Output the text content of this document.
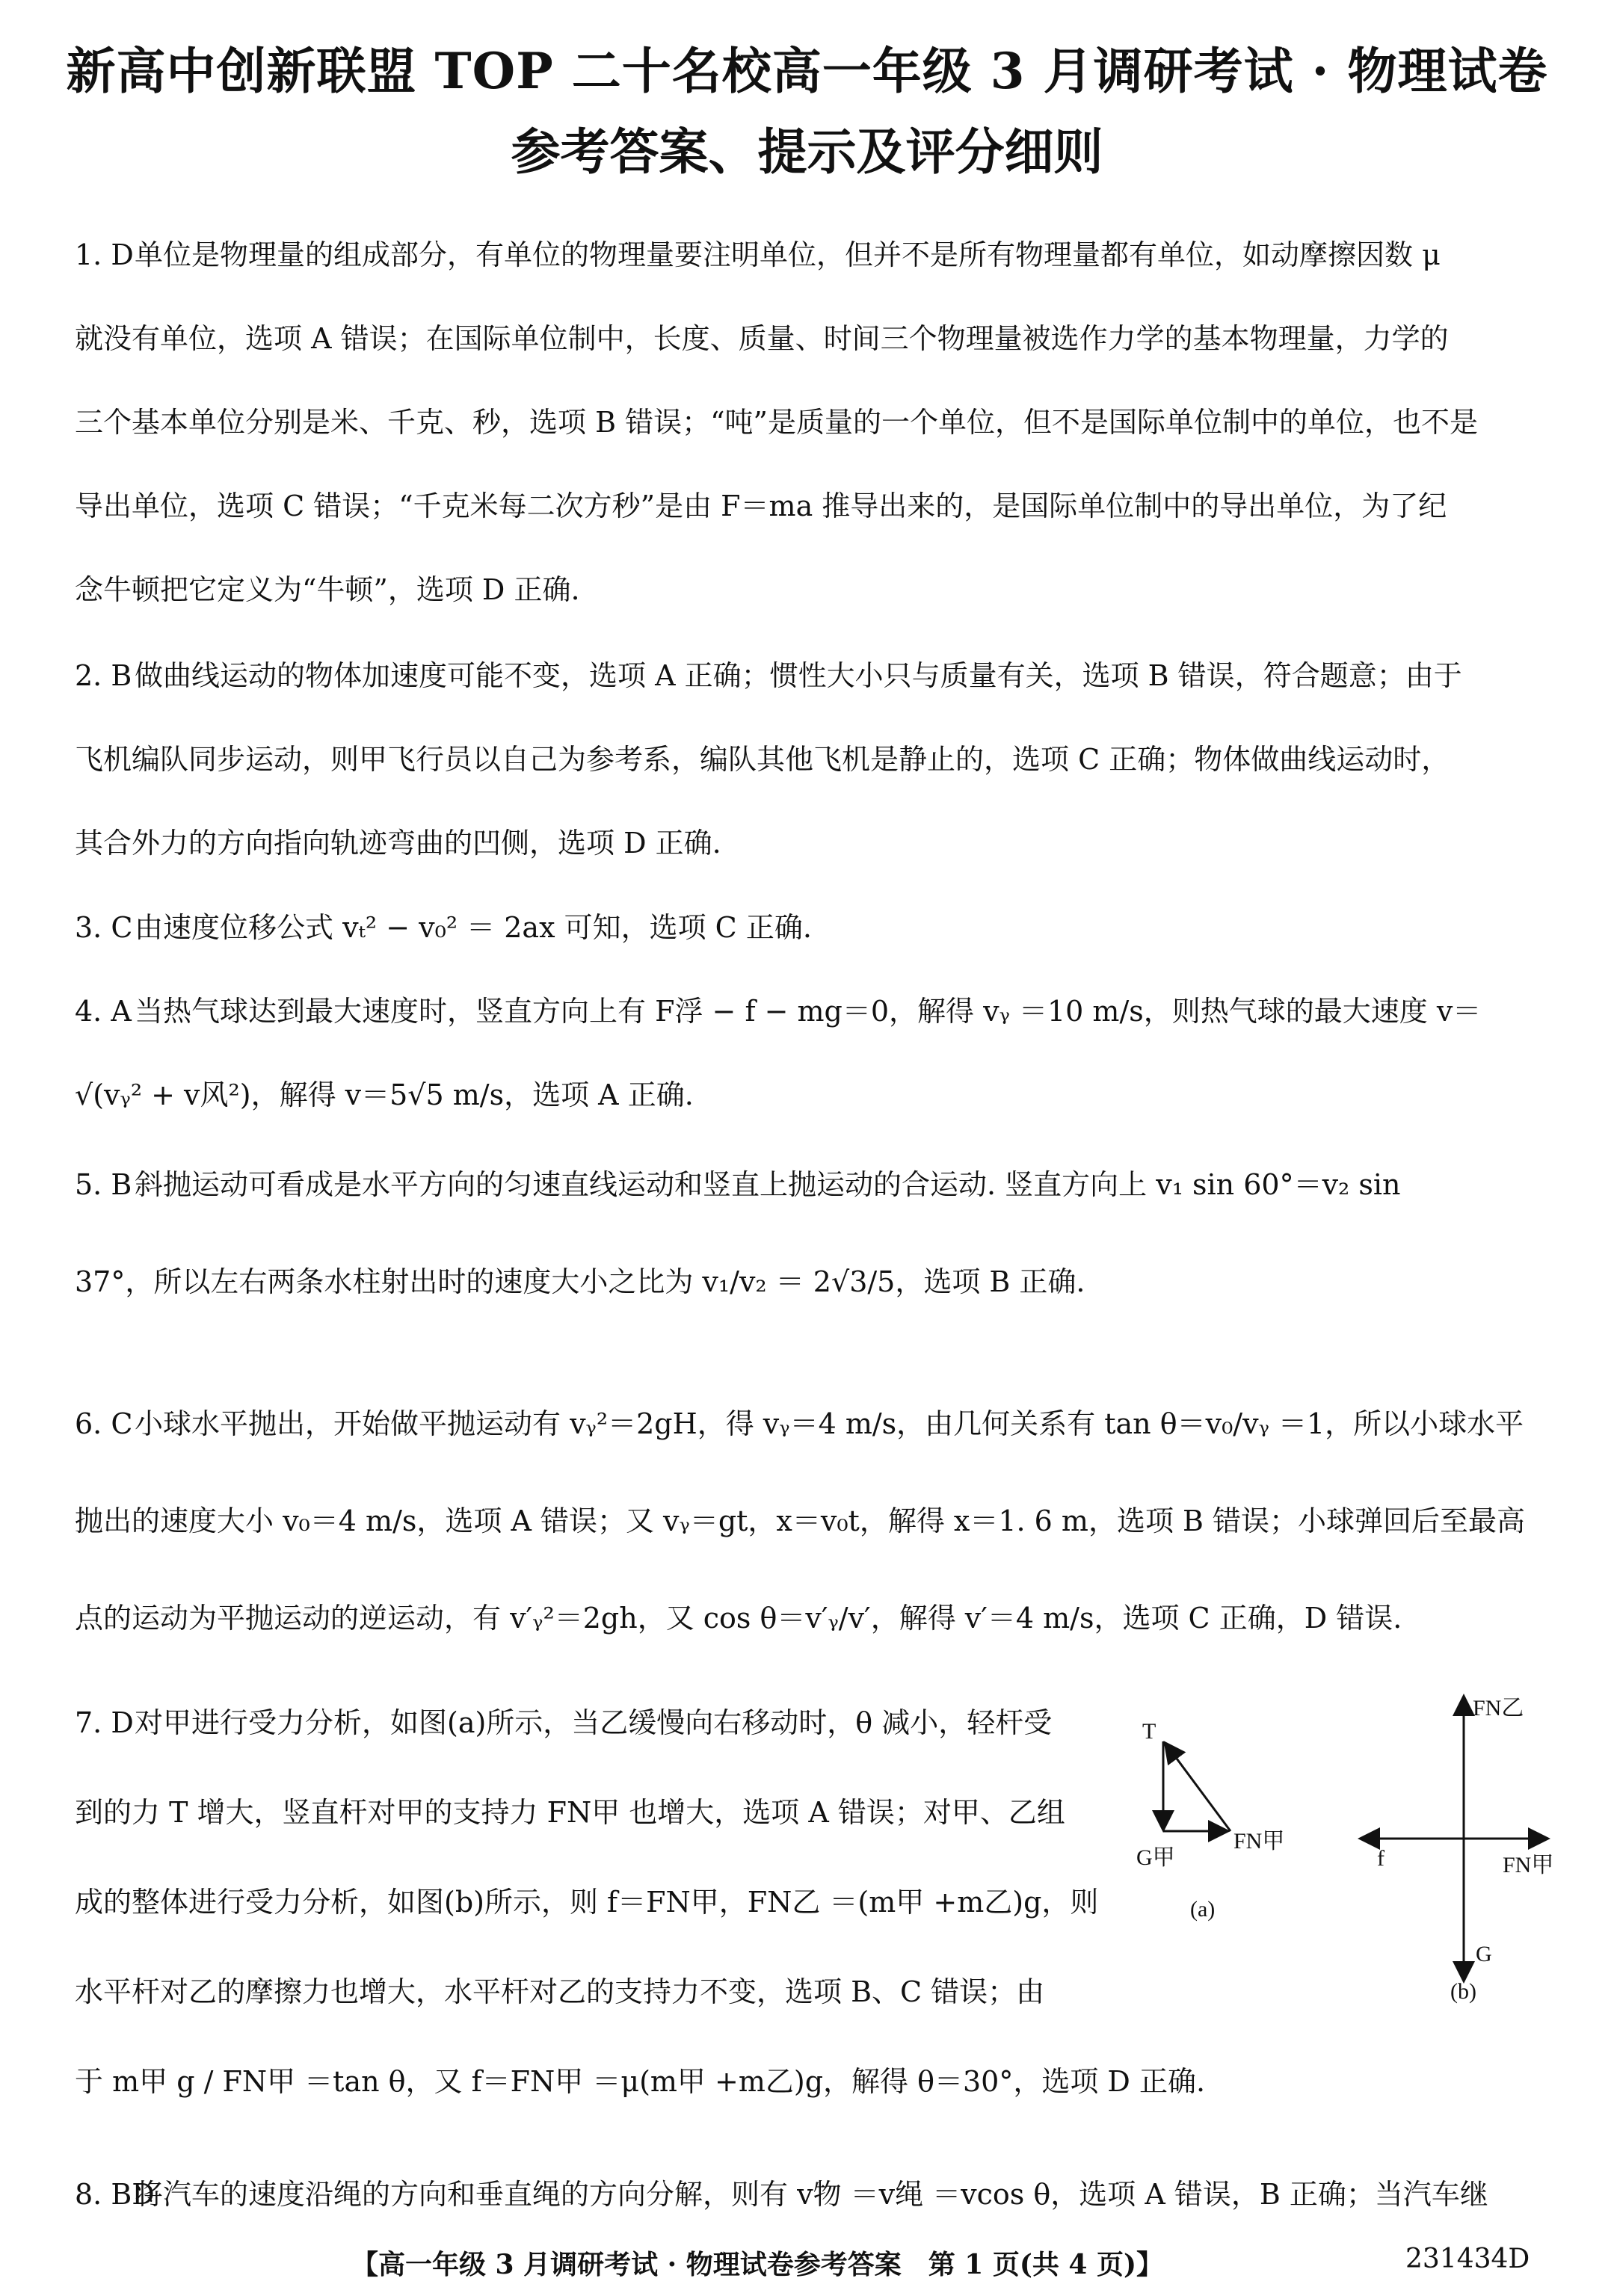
新高中创新联盟 TOP 二十名校高一年级 3 月调研考试 · 物理试卷
参考答案、提示及评分细则
1. D单位是物理量的组成部分，有单位的物理量要注明单位，但并不是所有物理量都有单位，如动摩擦因数 μ
就没有单位，选项 A 错误；在国际单位制中，长度、质量、时间三个物理量被选作力学的基本物理量，力学的
三个基本单位分别是米、千克、秒，选项 B 错误；“吨”是质量的一个单位，但不是国际单位制中的单位，也不是
导出单位，选项 C 错误；“千克米每二次方秒”是由 F＝ma 推导出来的，是国际单位制中的导出单位，为了纪
念牛顿把它定义为“牛顿”，选项 D 正确.
2. B做曲线运动的物体加速度可能不变，选项 A 正确；惯性大小只与质量有关，选项 B 错误，符合题意；由于
飞机编队同步运动，则甲飞行员以自己为参考系，编队其他飞机是静止的，选项 C 正确；物体做曲线运动时，
其合外力的方向指向轨迹弯曲的凹侧，选项 D 正确.
3. C由速度位移公式 vₜ² − v₀² ＝ 2ax 可知，选项 C 正确.
4. A 当热气球达到最大速度时，竖直方向上有 F浮 − f − mg＝0，解得 vᵧ ＝10 m/s，则热气球的最大速度 v＝
√(vᵧ² + v风²)，解得 v＝5√5 m/s，选项 A 正确.
5. B斜抛运动可看成是水平方向的匀速直线运动和竖直上抛运动的合运动. 竖直方向上 v₁ sin 60°＝v₂ sin
37°，所以左右两条水柱射出时的速度大小之比为 v₁/v₂ ＝ 2√3/5，选项 B 正确.
6. C小球水平抛出，开始做平抛运动有 vᵧ²＝2gH，得 vᵧ＝4 m/s，由几何关系有 tan θ＝v₀/vᵧ ＝1，所以小球水平
抛出的速度大小 v₀＝4 m/s，选项 A 错误；又 vᵧ＝gt，x＝v₀t，解得 x＝1. 6 m，选项 B 错误；小球弹回后至最高
点的运动为平抛运动的逆运动，有 v′ᵧ²＝2gh，又 cos θ＝v′ᵧ/v′，解得 v′＝4 m/s，选项 C 正确，D 错误.
7. D对甲进行受力分析，如图(a)所示，当乙缓慢向右移动时，θ 减小，轻杆受
到的力 T 增大，竖直杆对甲的支持力 FN甲 也增大，选项 A 错误；对甲、乙组
成的整体进行受力分析，如图(b)所示，则 f＝FN甲，FN乙 ＝(m甲 +m乙)g，则
水平杆对乙的摩擦力也增大，水平杆对乙的支持力不变，选项 B、C 错误；由
于 m甲 g / FN甲 ＝tan θ，又 f＝FN甲 ＝μ(m甲 +m乙)g，解得 θ＝30°，选项 D 正确.
T
G甲
FN甲
(a)
FN乙
f	FN甲
G
(b)
8. BD将汽车的速度沿绳的方向和垂直绳的方向分解，则有 v物 ＝v绳 ＝vcos θ，选项 A 错误，B 正确；当汽车继
【高一年级 3 月调研考试 · 物理试卷参考答案　第 1 页(共 4 页)】	231434D
